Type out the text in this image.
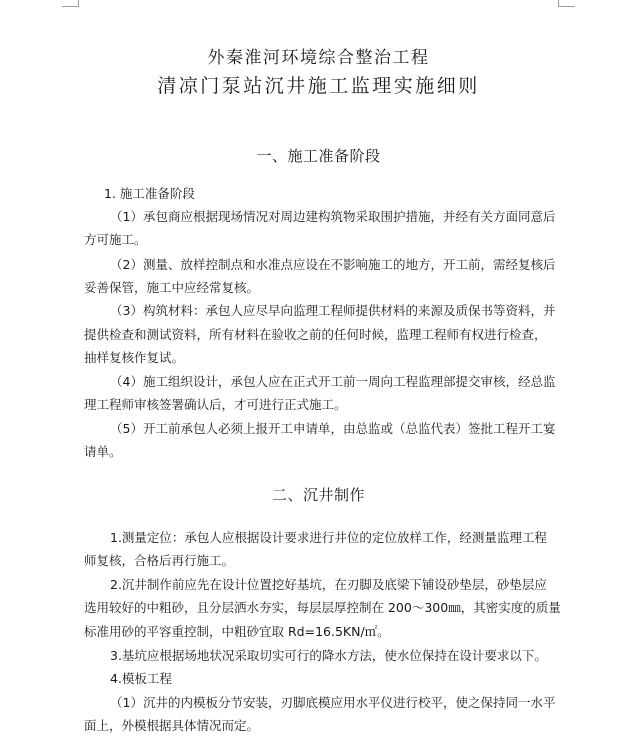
外秦淮河环境综合整治工程
清凉门泵站沉井施工监理实施细则
一、施工准备阶段
1. 施工准备阶段
（1）承包商应根据现场情况对周边建构筑物采取围护措施，并经有关方面同意后
方可施工。
（2）测量、放样控制点和水准点应设在不影响施工的地方，开工前，需经复核后
妥善保管，施工中应经常复核。
（3）构筑材料：承包人应尽早向监理工程师提供材料的来源及质保书等资料，并
提供检查和测试资料，所有材料在验收之前的任何时候，监理工程师有权进行检查，
抽样复核作复试。
（4）施工组织设计，承包人应在正式开工前一周向工程监理部提交审核，经总监
理工程师审核签署确认后，才可进行正式施工。
（5）开工前承包人必须上报开工申请单，由总监或（总监代表）签批工程开工宴
请单。
二、沉井制作
1.测量定位：承包人应根据设计要求进行井位的定位放样工作，经测量监理工程
师复核，合格后再行施工。
2.沉井制作前应先在设计位置挖好基坑，在刃脚及底梁下铺设砂垫层，砂垫层应
选用较好的中粗砂，且分层洒水夯实，每层层厚控制在 200～300㎜，其密实度的质量
标准用砂的平容重控制，中粗砂宜取 Rd=16.5KN/㎡。
3.基坑应根据场地状况采取切实可行的降水方法，使水位保持在设计要求以下。
4.模板工程
（1）沉井的内模板分节安装，刃脚底模应用水平仪进行校平，使之保持同一水平
面上，外模根据具体情况而定。
